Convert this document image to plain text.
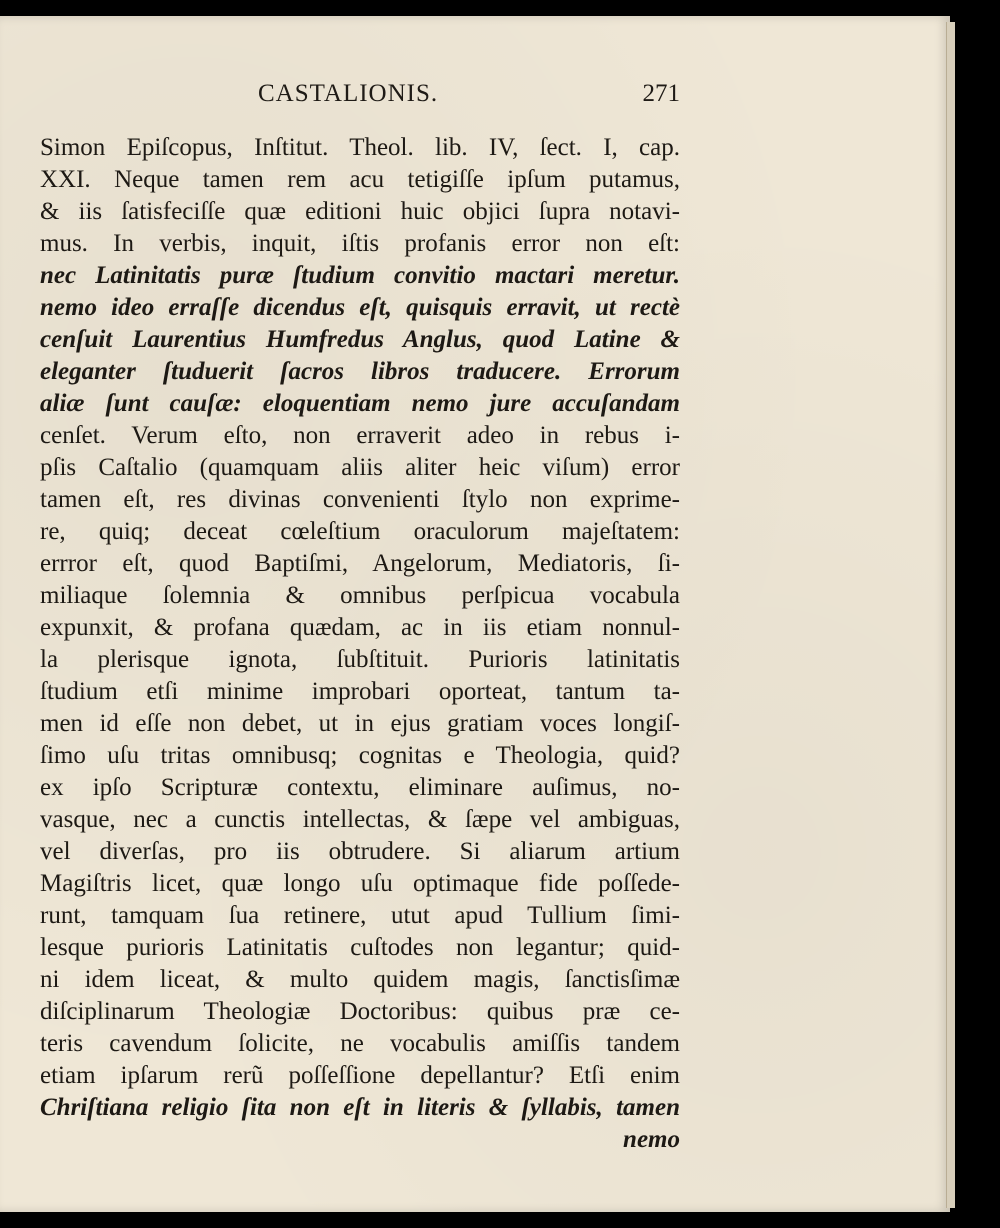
CASTALIONIS.	271
Simon Epiſcopus, Inſtitut. Theol. lib. IV, ſect. I, cap.
XXI. Neque tamen rem acu tetigiſſe ipſum putamus,
& iis ſatisfeciſſe quæ editioni huic objici ſupra notavi-
mus. In verbis, inquit, iſtis profanis error non eſt:
nec Latinitatis puræ ſtudium convitio mactari meretur.
nemo ideo erraſſe dicendus eſt, quisquis erravit, ut rectè
cenſuit Laurentius Humfredus Anglus, quod Latine &
eleganter ſtuduerit ſacros libros traducere. Errorum
aliæ ſunt cauſæ: eloquentiam nemo jure accuſandam
cenſet. Verum eſto, non erraverit adeo in rebus i-
pſis Caſtalio (quamquam aliis aliter heic viſum) error
tamen eſt, res divinas convenienti ſtylo non exprime-
re, quiq; deceat cœleſtium oraculorum majeſtatem:
errror eſt, quod Baptiſmi, Angelorum, Mediatoris, ſi-
miliaque ſolemnia & omnibus perſpicua vocabula
expunxit, & profana quædam, ac in iis etiam nonnul-
la plerisque ignota, ſubſtituit. Purioris latinitatis
ſtudium etſi minime improbari oporteat, tantum ta-
men id eſſe non debet, ut in ejus gratiam voces longiſ-
ſimo uſu tritas omnibusq; cognitas e Theologia, quid?
ex ipſo Scripturæ contextu, eliminare auſimus, no-
vasque, nec a cunctis intellectas, & ſæpe vel ambiguas,
vel diverſas, pro iis obtrudere. Si aliarum artium
Magiſtris licet, quæ longo uſu optimaque fide poſſede-
runt, tamquam ſua retinere, utut apud Tullium ſimi-
lesque purioris Latinitatis cuſtodes non legantur; quid-
ni idem liceat, & multo quidem magis, ſanctisſimæ
diſciplinarum Theologiæ Doctoribus: quibus præ ce-
teris cavendum ſolicite, ne vocabulis amiſſis tandem
etiam ipſarum rerũ poſſeſſione depellantur? Etſi enim
Chriſtiana religio ſita non eſt in literis & ſyllabis, tamen
nemo
